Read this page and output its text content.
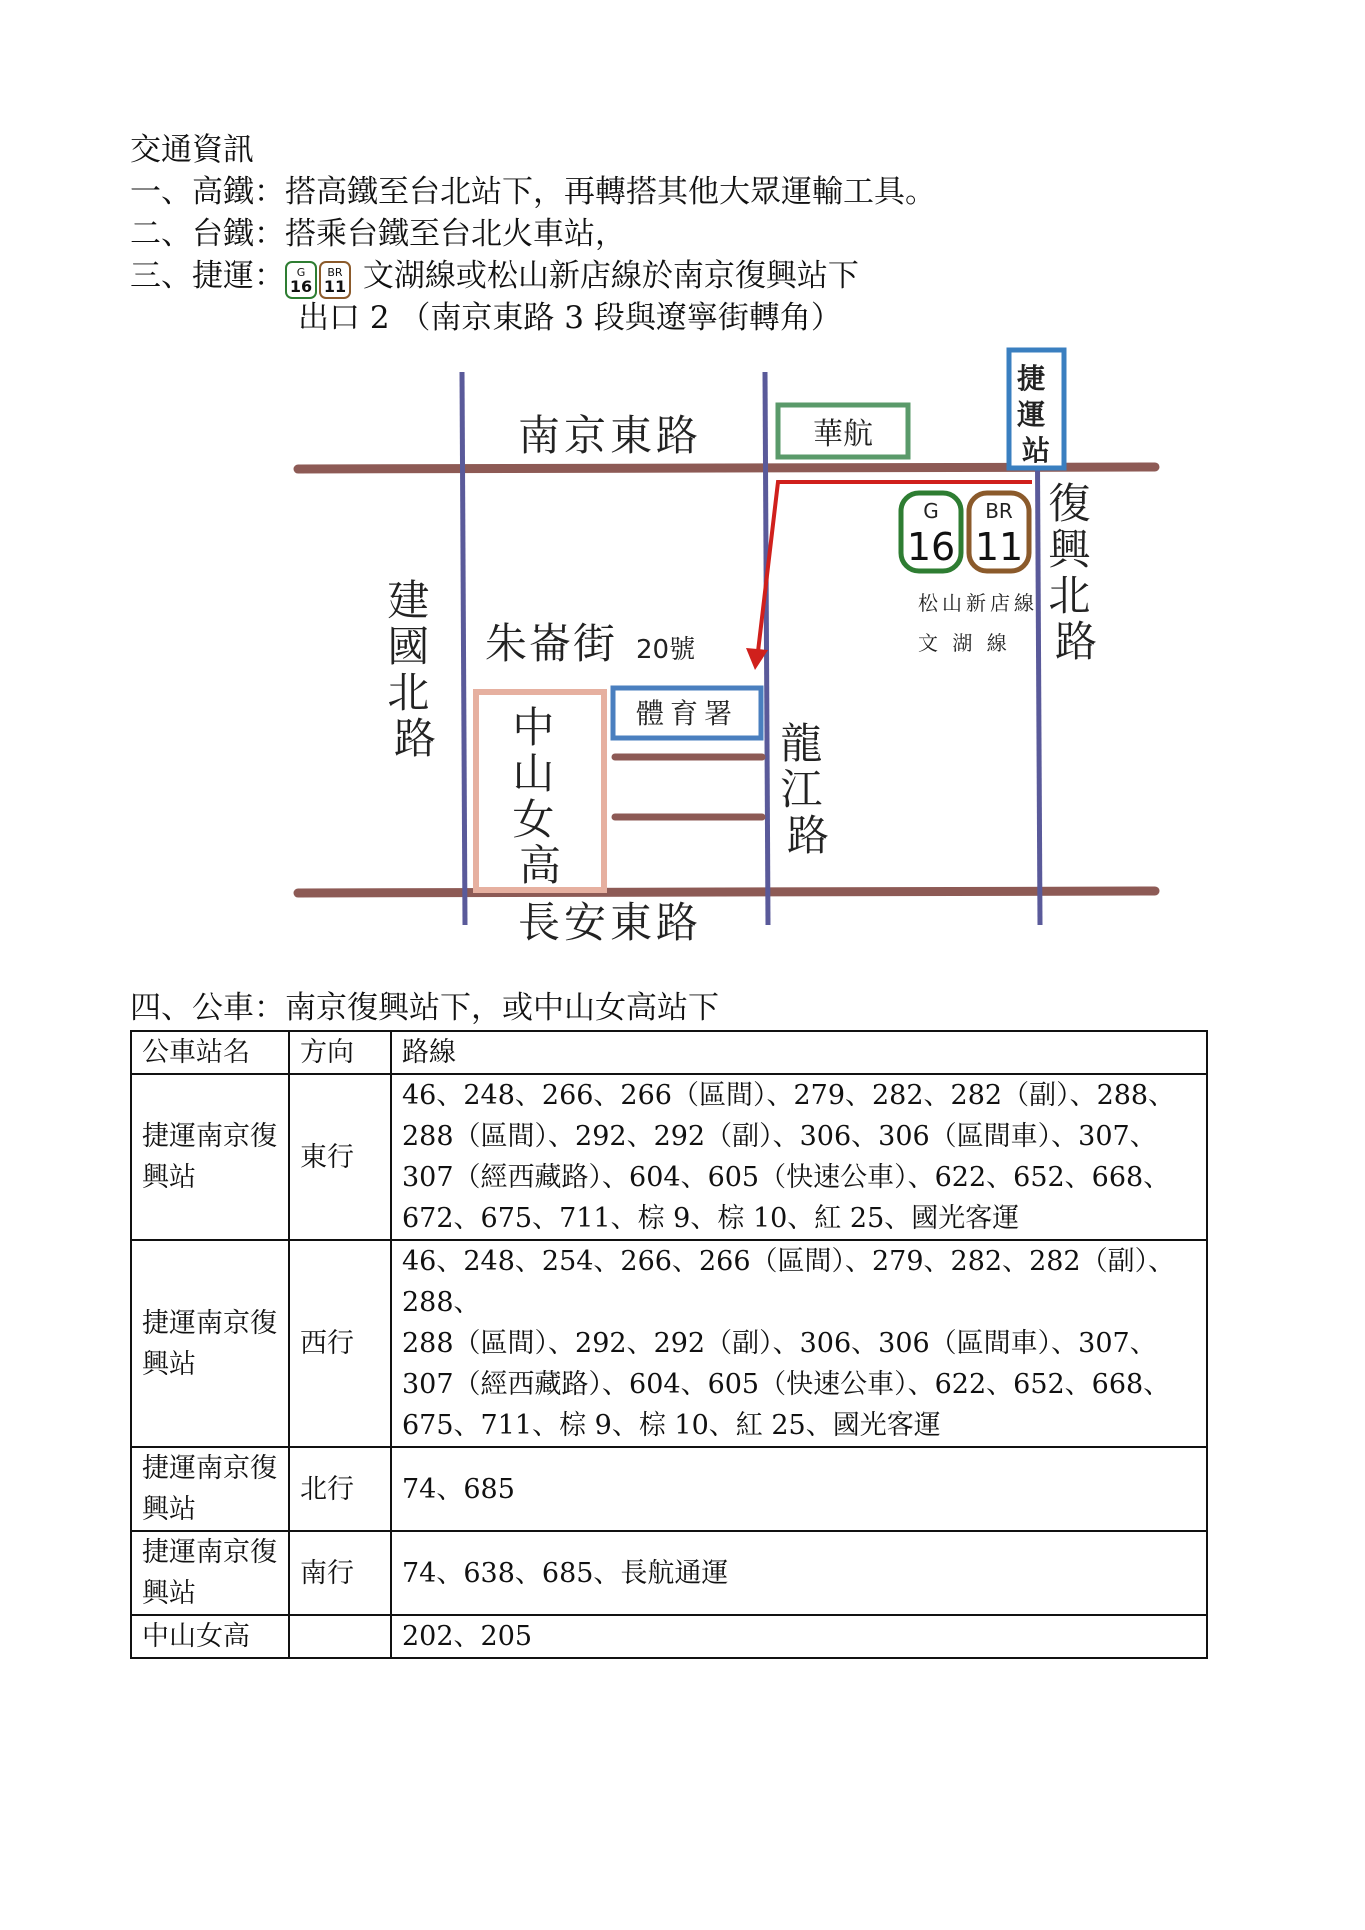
交通資訊
一、高鐵：搭高鐵至台北站下，再轉搭其他大眾運輸工具。
二、台鐵：搭乘台鐵至台北火車站，
三、捷運：	G
16
BR
11 文湖線或松山新店線於南京復興站下
出口 2 （南京東路 3 段與遼寧街轉角）
華航
捷 運 站
G
16
BR
11
松山新店線
文 湖 線
南京東路
長安東路
朱崙街 20號
建 國 北 路
復 興 北 路
龍 江 路
體育署
中 山 女 高
四、公車：南京復興站下，或中山女高站下
公車站名	方向	路線
捷運南京復興站	東行	46、248、266、266（區間）、279、282、282（副）、288、
288（區間）、292、292（副）、306、306（區間車）、307、
307（經西藏路）、604、605（快速公車）、622、652、668、
672、675、711、棕 9、棕 10、紅 25、國光客運

捷運南京復興站	西行	46、248、254、266、266（區間）、279、282、282（副）、288、
288（區間）、292、292（副）、306、306（區間車）、307、
307（經西藏路）、604、605（快速公車）、622、652、668、
675、711、棕 9、棕 10、紅 25、國光客運

捷運南京復興站	北行	74、685
捷運南京復興站	南行	74、638、685、長航通運
中山女高		202、205
